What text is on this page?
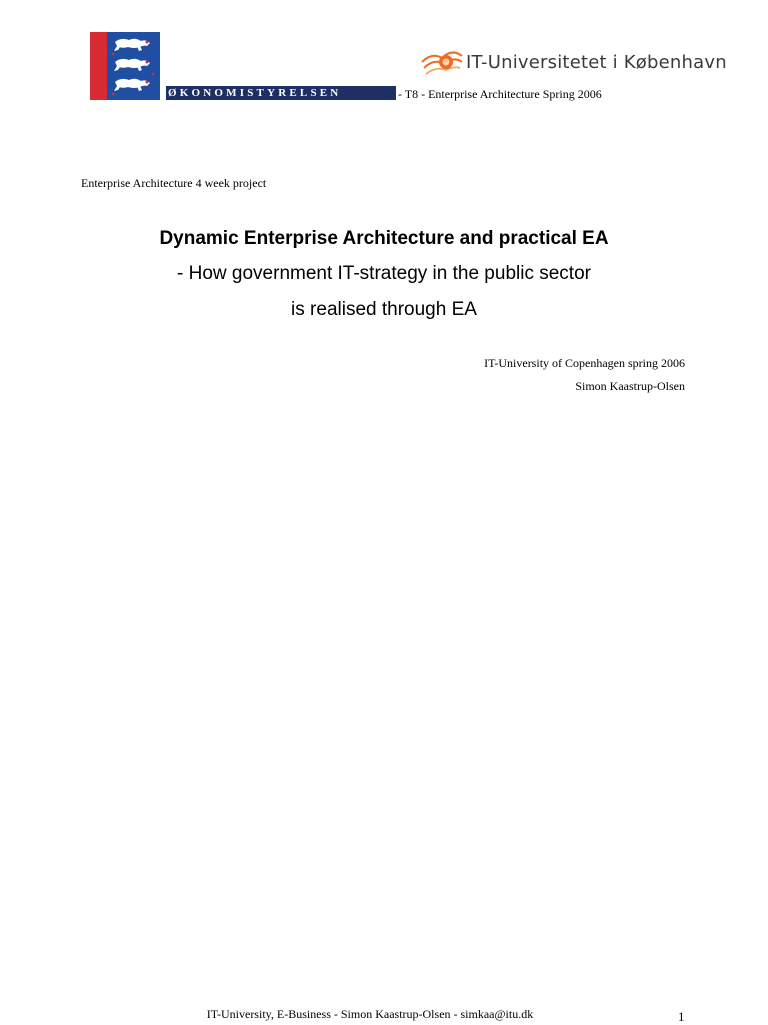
ØKONOMISTYRELSEN	- T8 - Enterprise Architecture Spring 2006
IT-Universitetet i København
Enterprise Architecture 4 week project
Dynamic Enterprise Architecture and practical EA
- How government IT-strategy in the public sector
is realised through EA
IT-University of Copenhagen spring 2006
Simon Kaastrup-Olsen
IT-University, E-Business - Simon Kaastrup-Olsen - simkaa@itu.dk	1
